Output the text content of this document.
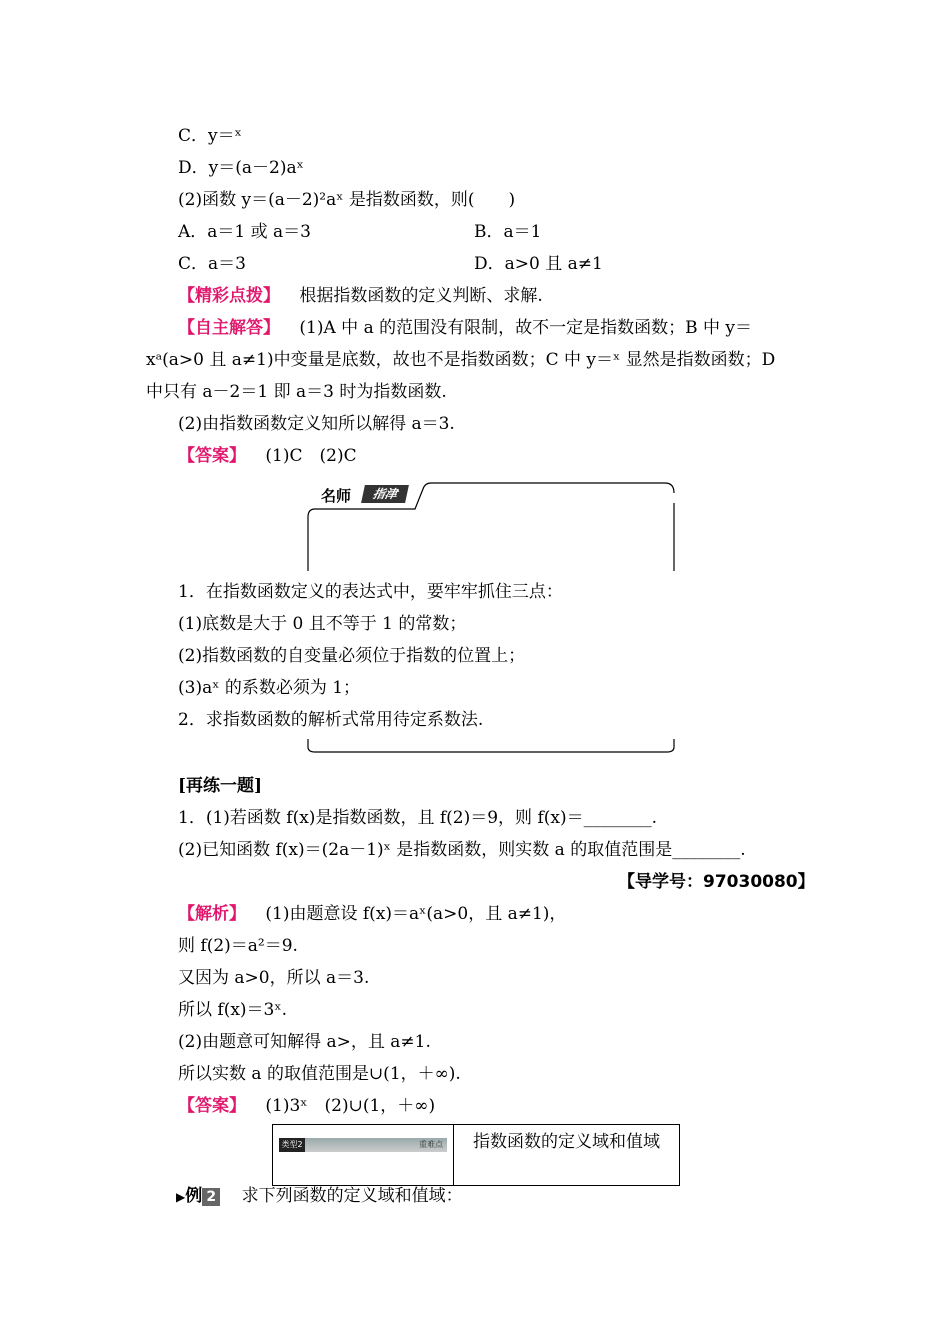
C．y＝ˣ
D．y＝(a－2)aˣ
(2)函数 y＝(a－2)²aˣ 是指数函数，则(　　)
A．a＝1 或 a＝3	B．a＝1
C．a＝3	D．a>0 且 a≠1
【精彩点拨】 根据指数函数的定义判断、求解.
【自主解答】 (1)A 中 a 的范围没有限制，故不一定是指数函数；B 中 y＝
xᵃ(a>0 且 a≠1)中变量是底数，故也不是指数函数；C 中 y＝ˣ 显然是指数函数；D
中只有 a－2＝1 即 a＝3 时为指数函数.
(2)由指数函数定义知所以解得 a＝3.
【答案】 (1)C　(2)C
名师	指津
1．在指数函数定义的表达式中，要牢牢抓住三点：
(1)底数是大于 0 且不等于 1 的常数；
(2)指数函数的自变量必须位于指数的位置上；
(3)aˣ 的系数必须为 1；
2．求指数函数的解析式常用待定系数法.
[再练一题]
1．(1)若函数 f(x)是指数函数，且 f(2)＝9，则 f(x)＝________.
(2)已知函数 f(x)＝(2a－1)ˣ 是指数函数，则实数 a 的取值范围是________.
【导学号：97030080】
【解析】 (1)由题意设 f(x)＝aˣ(a>0，且 a≠1)，
则 f(2)＝a²＝9.
又因为 a>0，所以 a＝3.
所以 f(x)＝3ˣ.
(2)由题意可知解得 a>，且 a≠1.
所以实数 a 的取值范围是∪(1，＋∞).
【答案】 (1)3ˣ　(2)∪(1，＋∞)
类型2	重难点	指数函数的定义域和值域
▶例 2 求下列函数的定义域和值域：
